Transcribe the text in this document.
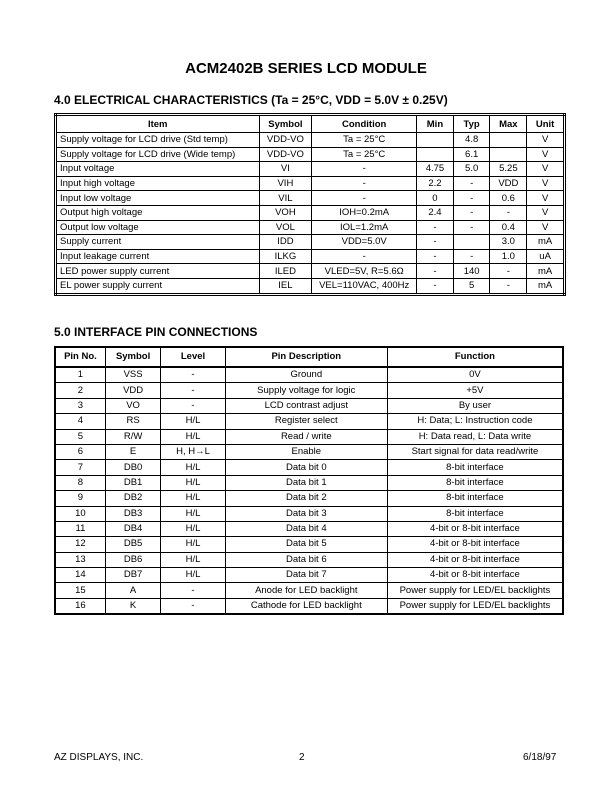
ACM2402B SERIES LCD MODULE
4.0 ELECTRICAL CHARACTERISTICS (Ta = 25°C, VDD = 5.0V ± 0.25V)
Item	Symbol	Condition	Min	Typ	Max	Unit
Supply voltage for LCD drive (Std temp)	VDD-VO	Ta = 25°C		4.8		V
Supply voltage for LCD drive (Wide temp)	VDD-VO	Ta = 25°C		6.1		V
Input voltage	VI	-	4.75	5.0	5.25	V
Input high voltage	VIH	-	2.2	-	VDD	V
Input low voltage	VIL	-	0	-	0.6	V
Output high voltage	VOH	IOH=0.2mA	2.4	-	-	V
Output low voltage	VOL	IOL=1.2mA	-	-	0.4	V
Supply current	IDD	VDD=5.0V	-		3.0	mA
Input leakage current	ILKG	-	-	-	1.0	uA
LED power supply current	ILED	VLED=5V, R=5.6Ω	-	140	-	mA
EL power supply current	IEL	VEL=110VAC, 400Hz	-	5	-	mA
5.0 INTERFACE PIN CONNECTIONS
Pin No.	Symbol	Level	Pin Description	Function
1	VSS	-	Ground	0V
2	VDD	-	Supply voltage for logic	+5V
3	VO	-	LCD contrast adjust	By user
4	RS	H/L	Register select	H: Data; L: Instruction code
5	R/W	H/L	Read / write	H: Data read, L: Data write
6	E	H, H→L	Enable	Start signal for data read/write
7	DB0	H/L	Data bit 0	8-bit interface
8	DB1	H/L	Data bit 1	8-bit interface
9	DB2	H/L	Data bit 2	8-bit interface
10	DB3	H/L	Data bit 3	8-bit interface
11	DB4	H/L	Data bit 4	4-bit or 8-bit interface
12	DB5	H/L	Data bit 5	4-bit or 8-bit interface
13	DB6	H/L	Data bit 6	4-bit or 8-bit interface
14	DB7	H/L	Data bit 7	4-bit or 8-bit interface
15	A	-	Anode for LED backlight	Power supply for LED/EL backlights
16	K	-	Cathode for LED backlight	Power supply for LED/EL backlights
AZ DISPLAYS, INC.	2	6/18/97
